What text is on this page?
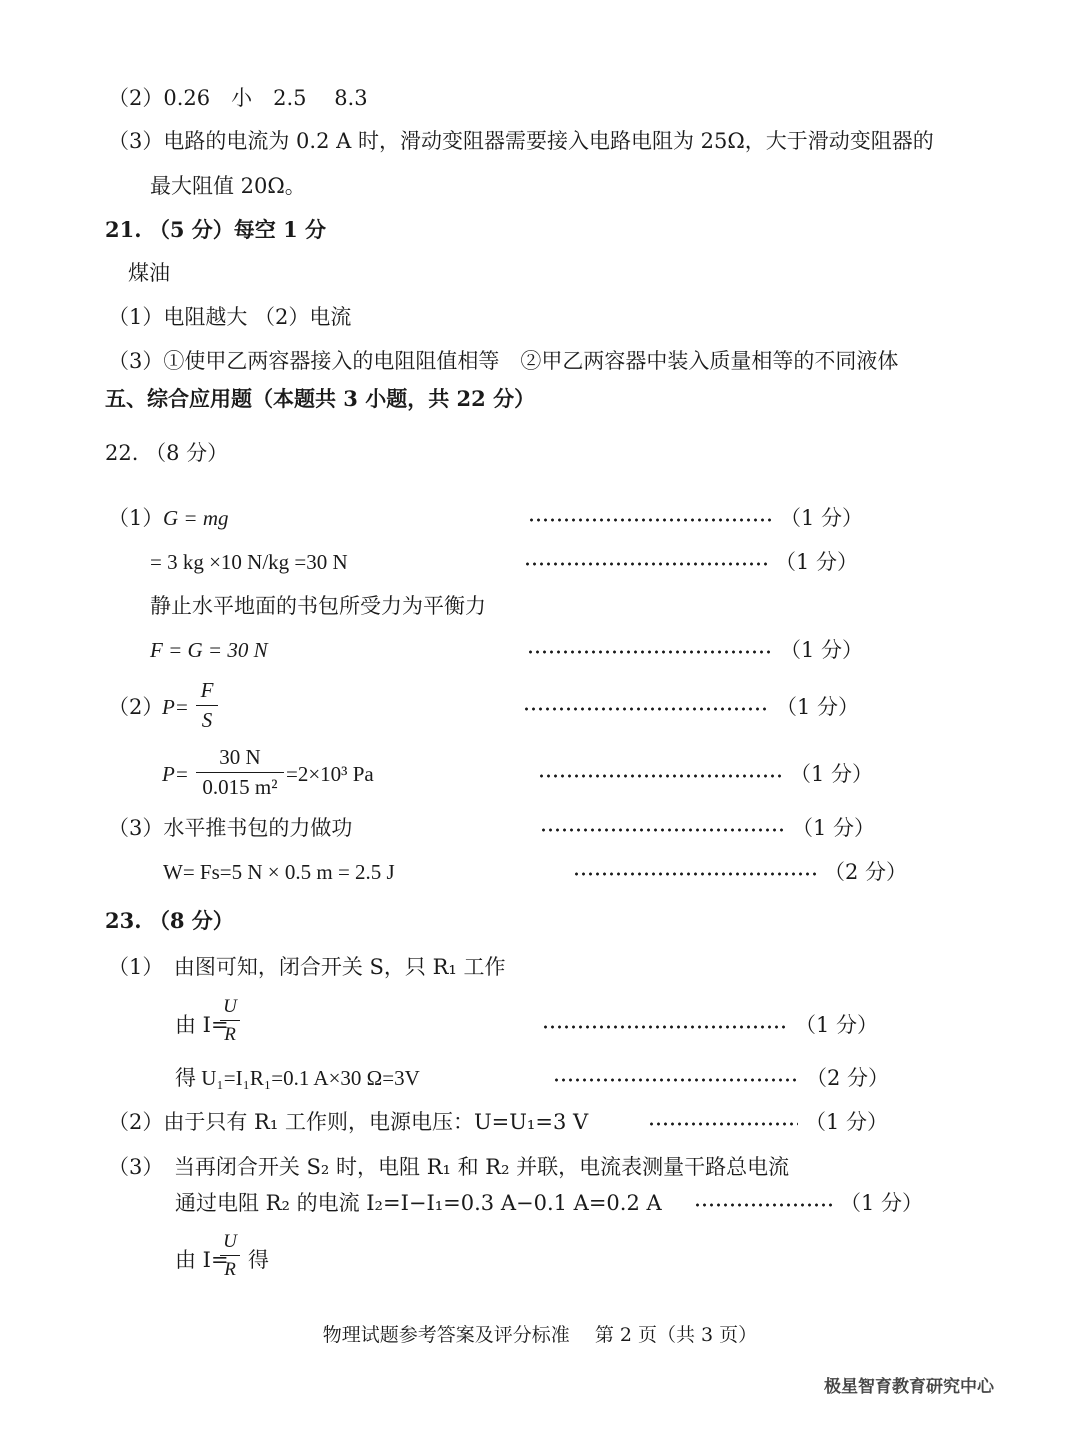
（2）0.26　小　2.5　 8.3
（3）电路的电流为 0.2 A 时，滑动变阻器需要接入电路电阻为 25Ω，大于滑动变阻器的
最大阻值 20Ω。
21. （5 分）每空 1 分
煤油
（1）电阻越大 （2）电流
（3）①使甲乙两容器接入的电阻阻值相等　②甲乙两容器中装入质量相等的不同液体
五、综合应用题（本题共 3 小题，共 22 分）
22. （8 分）
（1） G = mg	（1 分）
= 3 kg ×10 N/kg =30 N	（1 分）
静止水平地面的书包所受力为平衡力
F = G = 30 N	（1 分）
（2）
P =
F
S
（1 分）
P =
30 N
0.015 m²
=2×10³ Pa	（1 分）
（3）水平推书包的力做功	（1 分）
W= Fs=5 N × 0.5 m = 2.5 J	（2 分）
23. （8 分）
（1）　由图可知，闭合开关 S，只 R₁ 工作
由 I=
U
R	（1 分）
得 U₁=I₁R₁=0.1 A×30 Ω=3V	（2 分）
（2）由于只有 R₁ 工作则，电源电压：U=U₁=3 V	（1 分）
（3）　当再闭合开关 S₂ 时，电阻 R₁ 和 R₂ 并联，电流表测量干路总电流
通过电阻 R₂ 的电流 I₂=I−I₁=0.3 A−0.1 A=0.2 A	（1 分）
由 I=
U
R 得
物理试题参考答案及评分标准　 第 2 页（共 3 页）
极星智育教育研究中心
